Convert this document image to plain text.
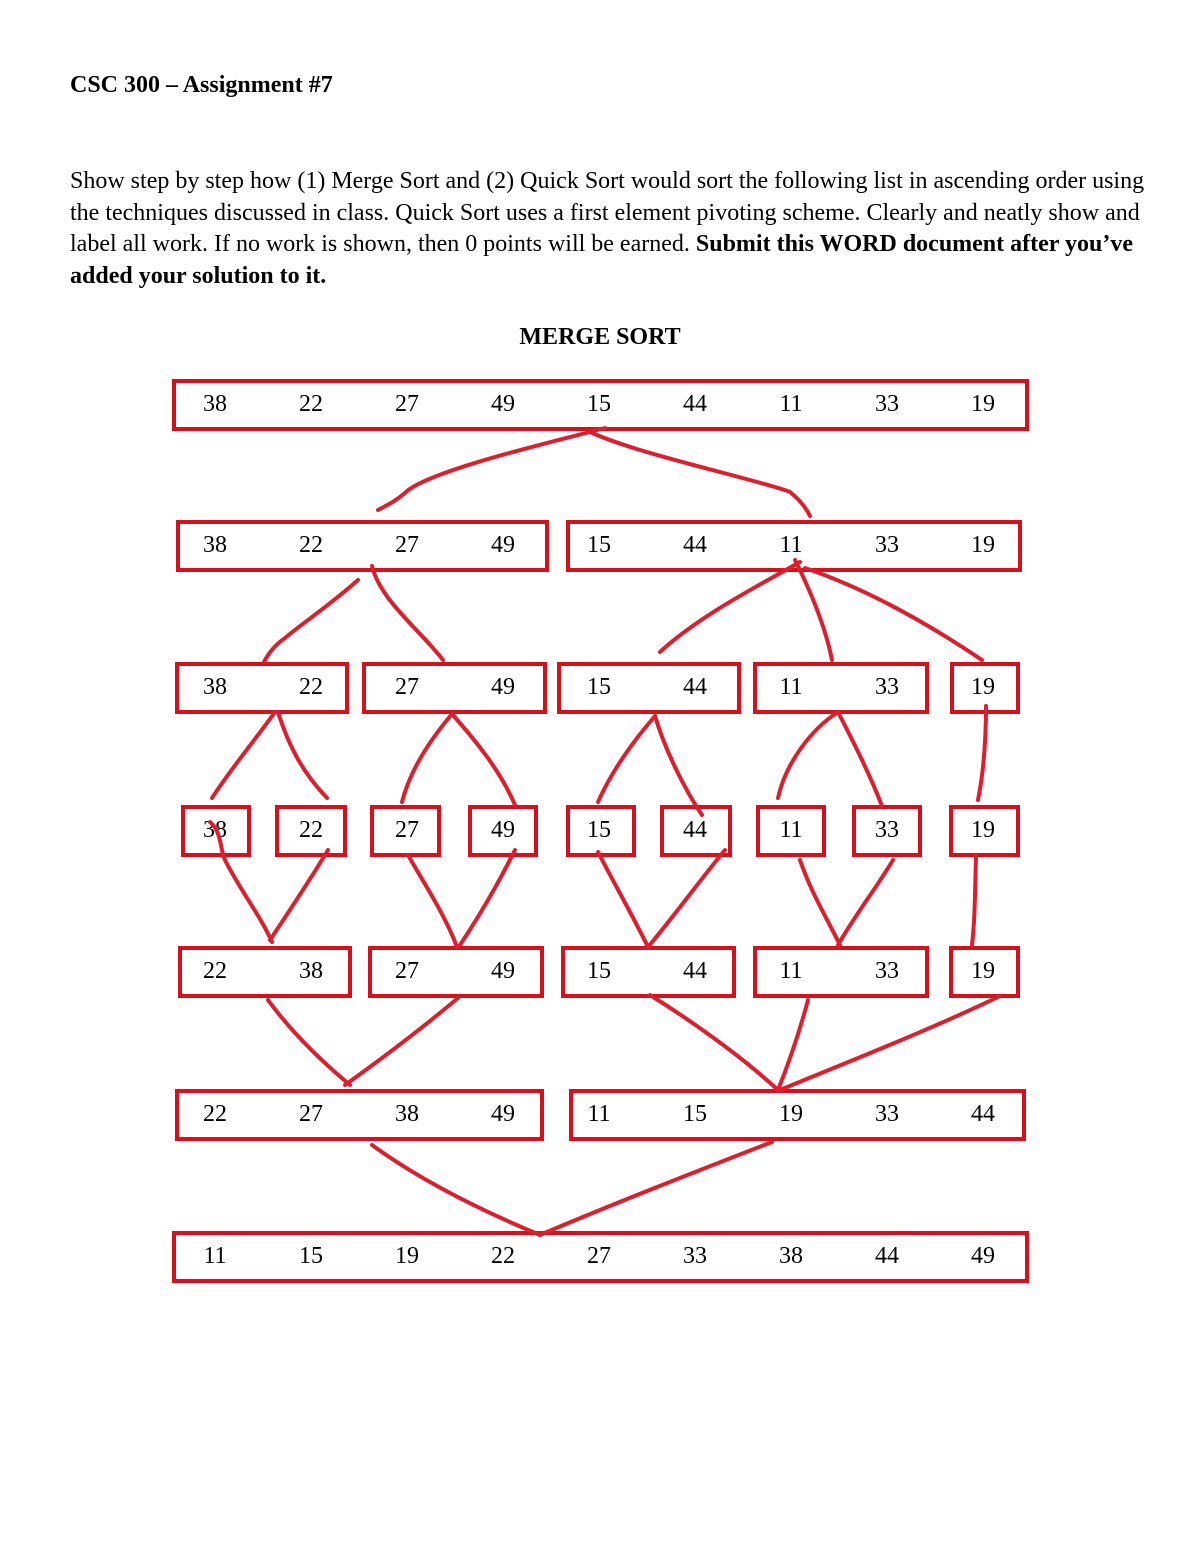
CSC 300 – Assignment #7

Show step by step how (1) Merge Sort and (2) Quick Sort would sort the following list in ascending order using the techniques discussed in class. Quick Sort uses a first element pivoting scheme. Clearly and neatly show and label all work. If no work is shown, then 0 points will be earned. Submit this WORD document after you’ve added your solution to it.

MERGE SORT
38	22	27	49	15	44	11	33	19
38	22	27	49	15	44	11	33	19
38	22	27	49	15	44	11	33	19
38	22	27	49	15	44	11	33	19
22	38	27	49	15	44	11	33	19
22	27	38	49	11	15	19	33	44
11	15	19	22	27	33	38	44	49
